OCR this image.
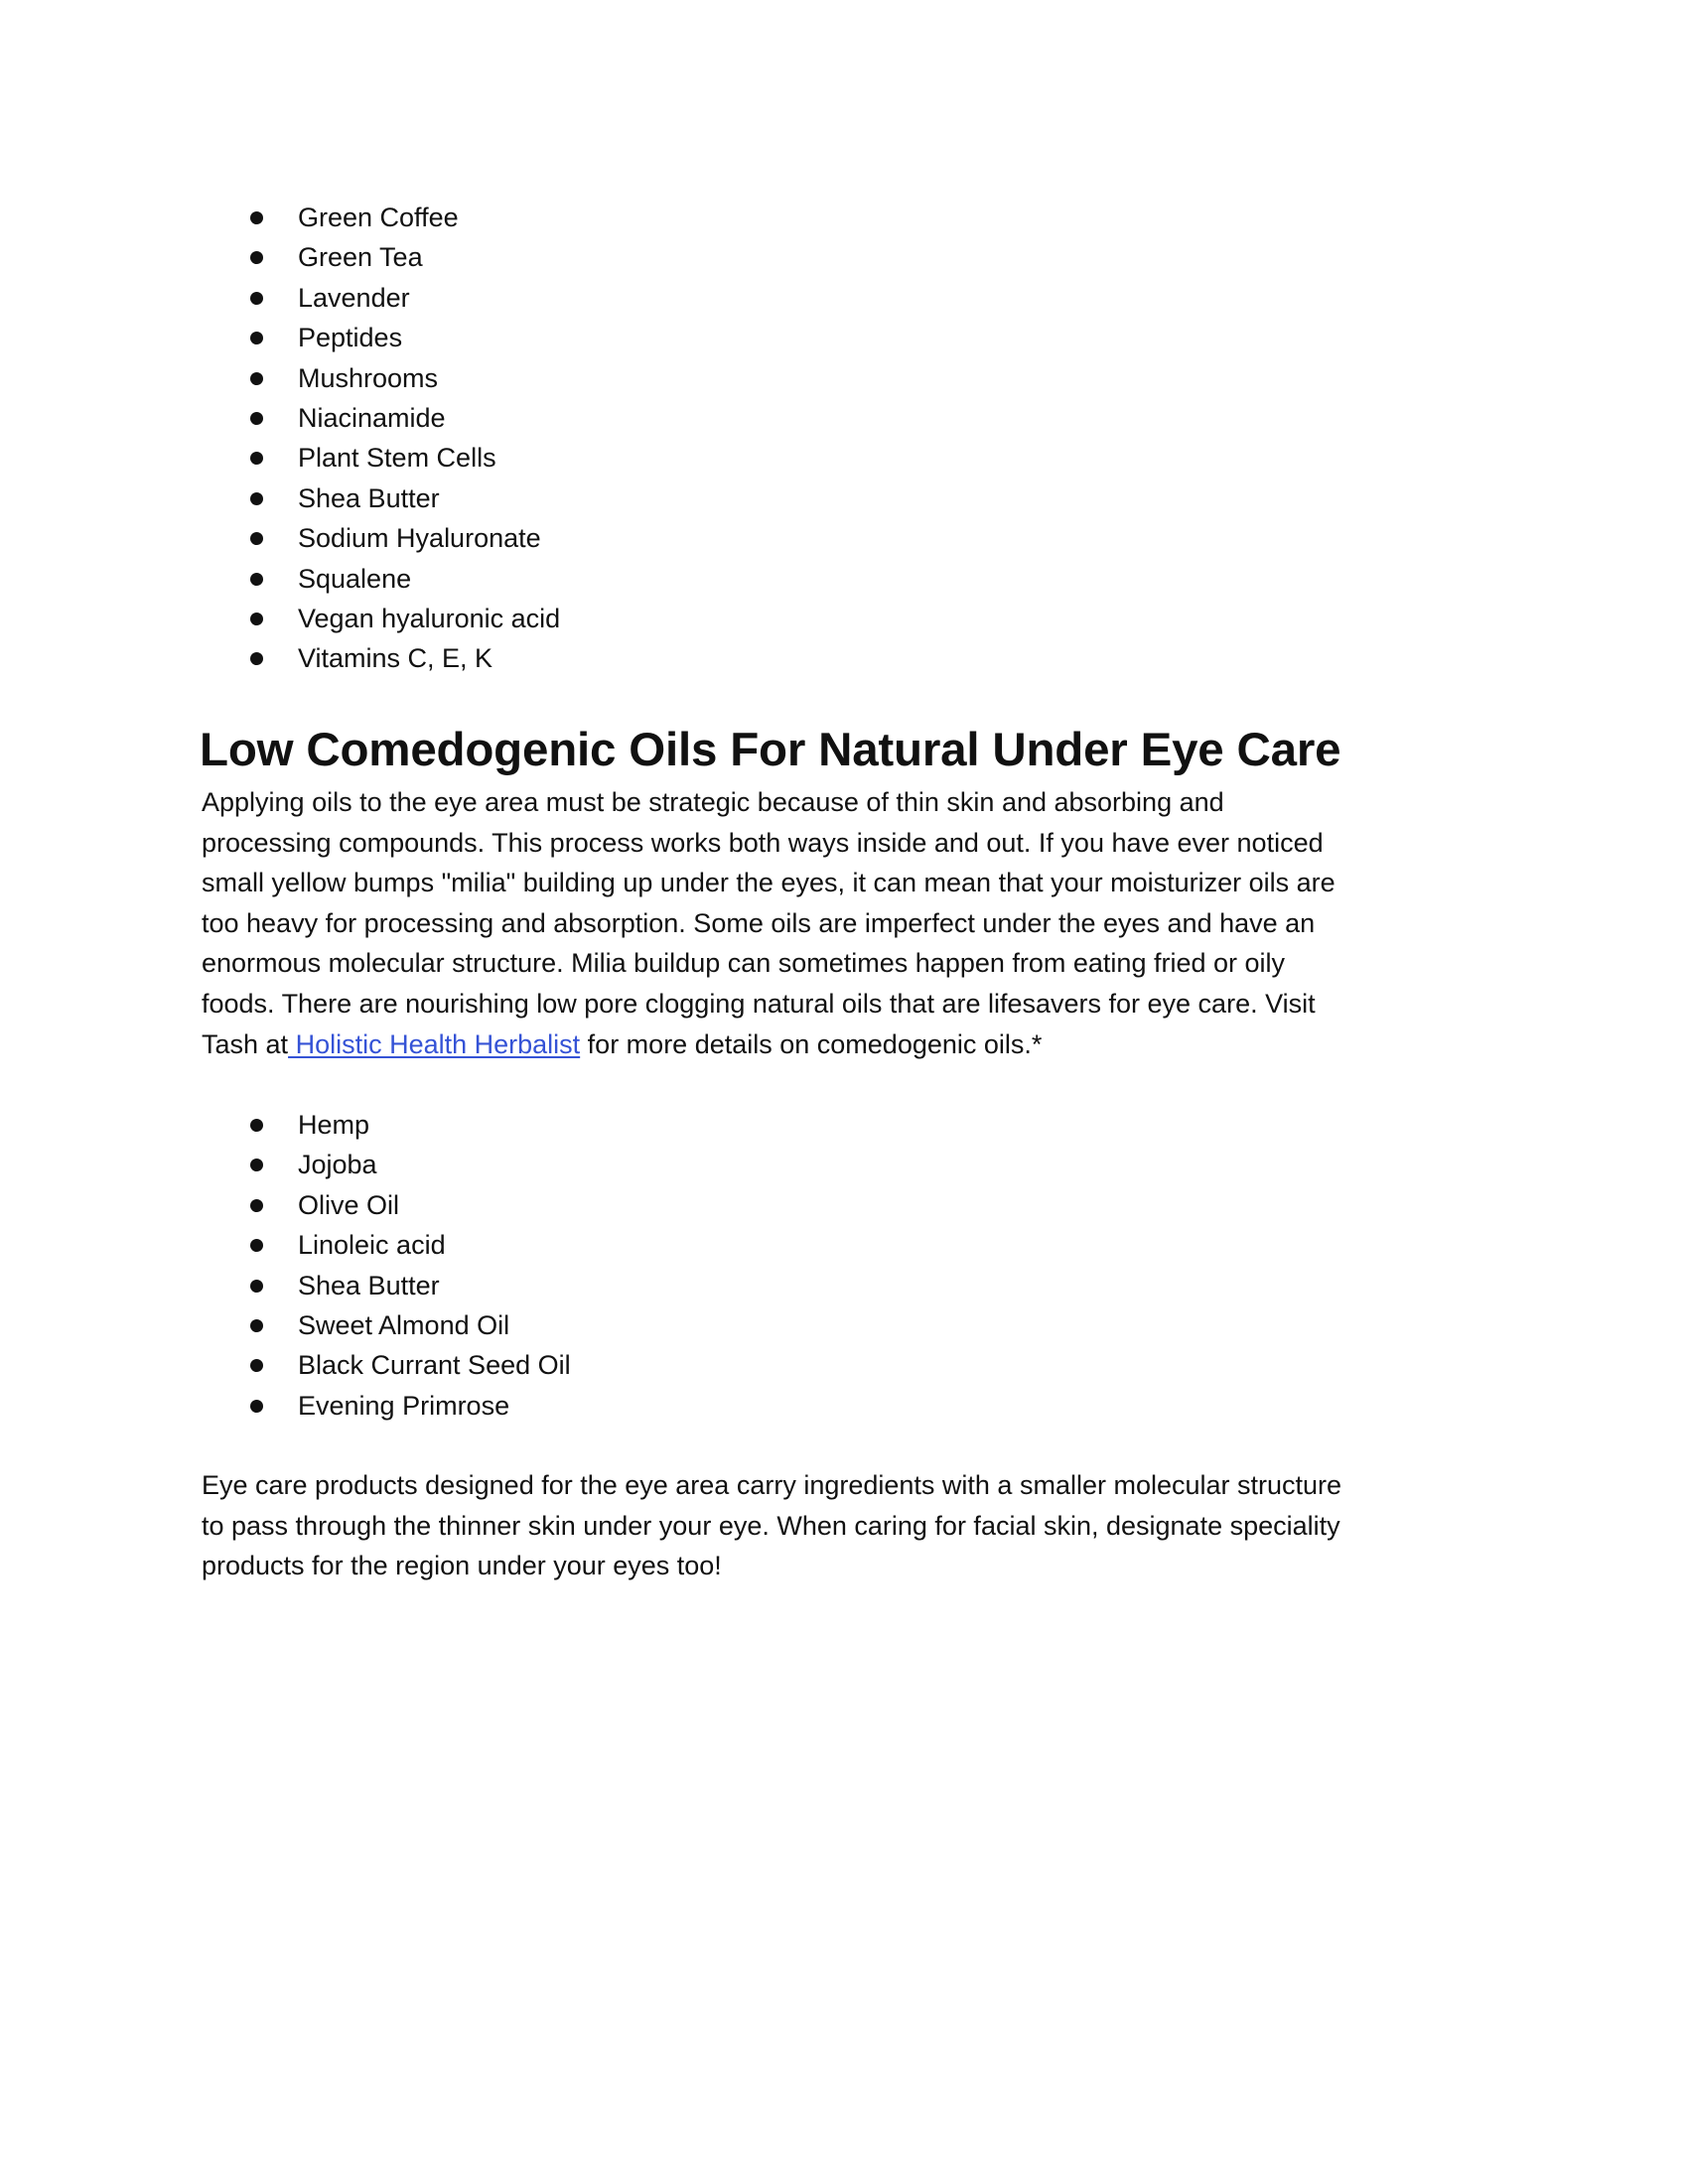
Green Coffee
Green Tea
Lavender
Peptides
Mushrooms
Niacinamide
Plant Stem Cells
Shea Butter
Sodium Hyaluronate
Squalene
Vegan hyaluronic acid
Vitamins C, E, K
Low Comedogenic Oils For Natural Under Eye Care

Applying oils to the eye area must be strategic because of thin skin and absorbing and
processing compounds. This process works both ways inside and out. If you have ever noticed
small yellow bumps "milia" building up under the eyes, it can mean that your moisturizer oils are
too heavy for processing and absorption. Some oils are imperfect under the eyes and have an
enormous molecular structure. Milia buildup can sometimes happen from eating fried or oily
foods. There are nourishing low pore clogging natural oils that are lifesavers for eye care. Visit
Tash at Holistic Health Herbalist for more details on comedogenic oils.*

Hemp
Jojoba
Olive Oil
Linoleic acid
Shea Butter
Sweet Almond Oil
Black Currant Seed Oil
Evening Primrose

Eye care products designed for the eye area carry ingredients with a smaller molecular structure
to pass through the thinner skin under your eye. When caring for facial skin, designate speciality
products for the region under your eyes too!
